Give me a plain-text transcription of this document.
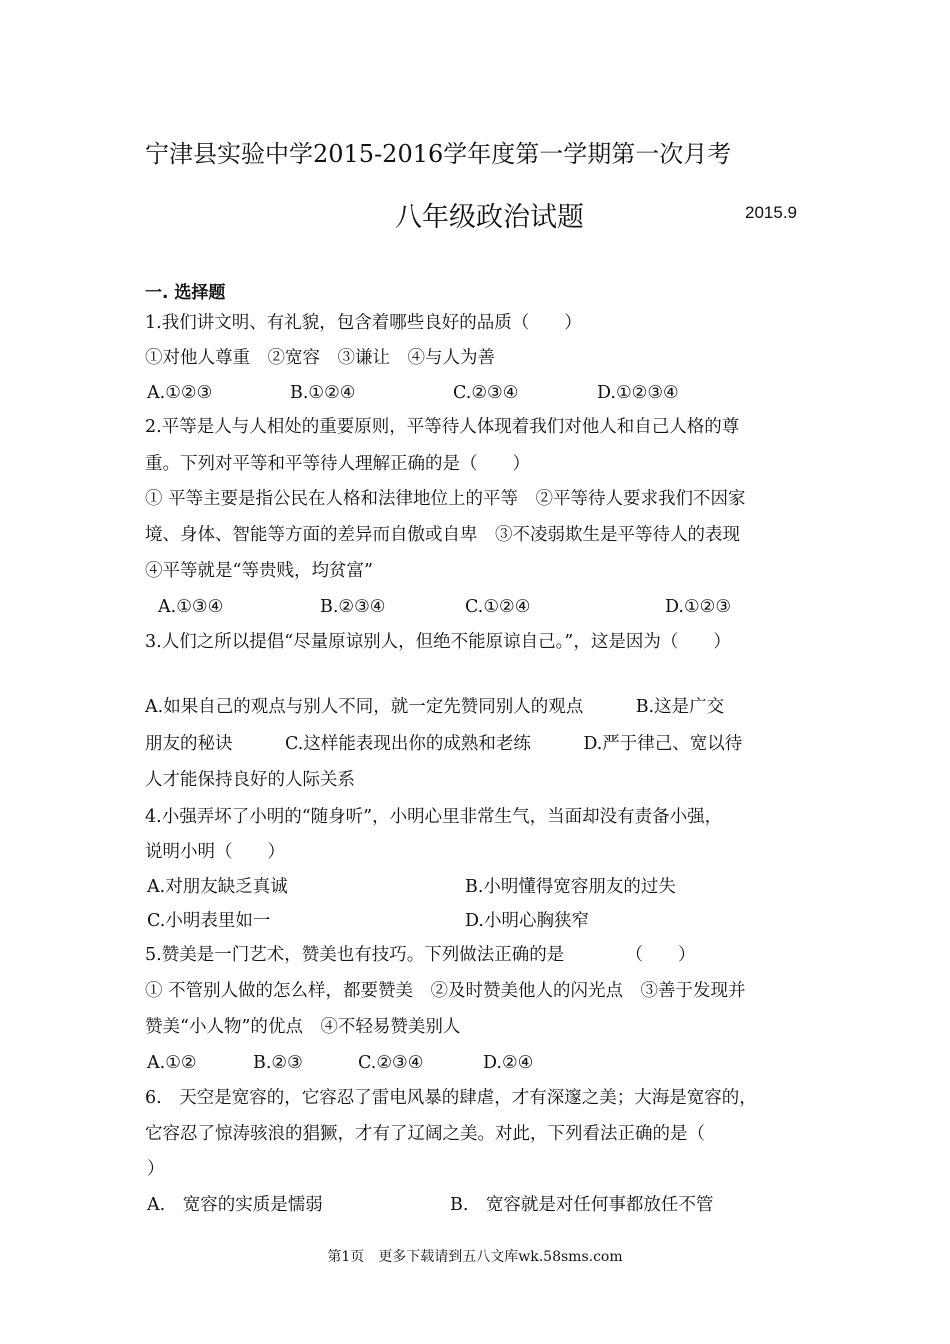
宁津县实验中学2015-2016学年度第一学期第一次月考
八年级政治试题	2015.9
一. 选择题
1.我们讲文明、有礼貌，包含着哪些良好的品质（　　）
①对他人尊重　②宽容　③谦让　④与人为善
A.①②③	B.①②④	C.②③④	D.①②③④
2.平等是人与人相处的重要原则，平等待人体现着我们对他人和自己人格的尊
重。下列对平等和平等待人理解正确的是（　　）
① 平等主要是指公民在人格和法律地位上的平等　②平等待人要求我们不因家
境、身体、智能等方面的差异而自傲或自卑　③不凌弱欺生是平等待人的表现
④平等就是“等贵贱，均贫富”
A.①③④	B.②③④	C.①②④	D.①②③
3.人们之所以提倡“尽量原谅别人，但绝不能原谅自己。”，这是因为（　　）
A.如果自己的观点与别人不同，就一定先赞同别人的观点　　　B.这是广交
朋友的秘诀　　　C.这样能表现出你的成熟和老练　　　D.严于律己、宽以待
人才能保持良好的人际关系
4.小强弄坏了小明的“随身听”，小明心里非常生气，当面却没有责备小强，
说明小明（　　）
A.对朋友缺乏真诚	B.小明懂得宽容朋友的过失
C.小明表里如一	D.小明心胸狭窄
5.赞美是一门艺术，赞美也有技巧。下列做法正确的是　　　　（　　）
① 不管别人做的怎么样，都要赞美　②及时赞美他人的闪光点　③善于发现并
赞美“小人物”的优点　④不轻易赞美别人
A.①②	B.②③	C.②③④	D.②④
6.　天空是宽容的，它容忍了雷电风暴的肆虐，才有深邃之美；大海是宽容的，
它容忍了惊涛骇浪的猖獗，才有了辽阔之美。对此，下列看法正确的是（
）
A.　宽容的实质是懦弱	B.　宽容就是对任何事都放任不管
第1页　更多下载请到五八文库wk.58sms.com
